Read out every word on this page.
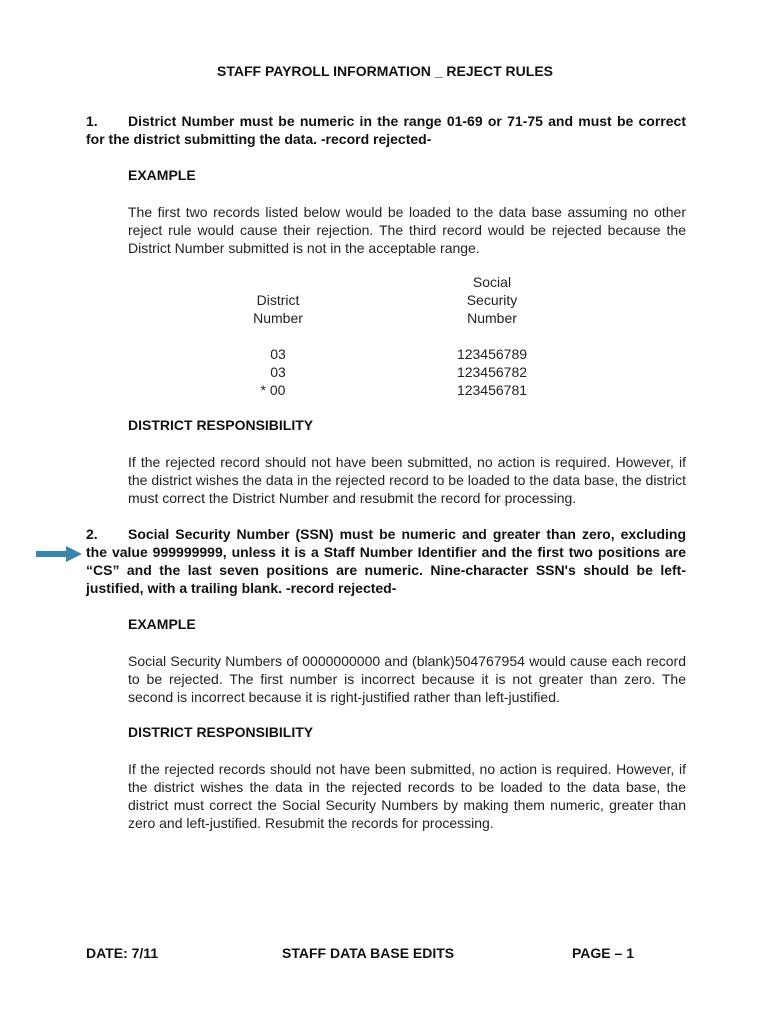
STAFF PAYROLL INFORMATION _ REJECT RULES
1. District Number must be numeric in the range 01-69 or 71-75 and must be correct for the district submitting the data. -record rejected-
EXAMPLE
The first two records listed below would be loaded to the data base assuming no other reject rule would cause their rejection. The third record would be rejected because the District Number submitted is not in the acceptable range.
District
Number
Social
Security
Number
03
03
* 00
123456789
123456782
123456781
DISTRICT RESPONSIBILITY
If the rejected record should not have been submitted, no action is required. However, if the district wishes the data in the rejected record to be loaded to the data base, the district must correct the District Number and resubmit the record for processing.
2. Social Security Number (SSN) must be numeric and greater than zero, excluding the value 999999999, unless it is a Staff Number Identifier and the first two positions are “CS” and the last seven positions are numeric. Nine-character SSN's should be left-justified, with a trailing blank. -record rejected-
EXAMPLE
Social Security Numbers of 0000000000 and (blank)504767954 would cause each record to be rejected. The first number is incorrect because it is not greater than zero. The second is incorrect because it is right-justified rather than left-justified.
DISTRICT RESPONSIBILITY
If the rejected records should not have been submitted, no action is required. However, if the district wishes the data in the rejected records to be loaded to the data base, the district must correct the Social Security Numbers by making them numeric, greater than zero and left-justified. Resubmit the records for processing.
DATE: 7/11	STAFF DATA BASE EDITS	PAGE – 1
